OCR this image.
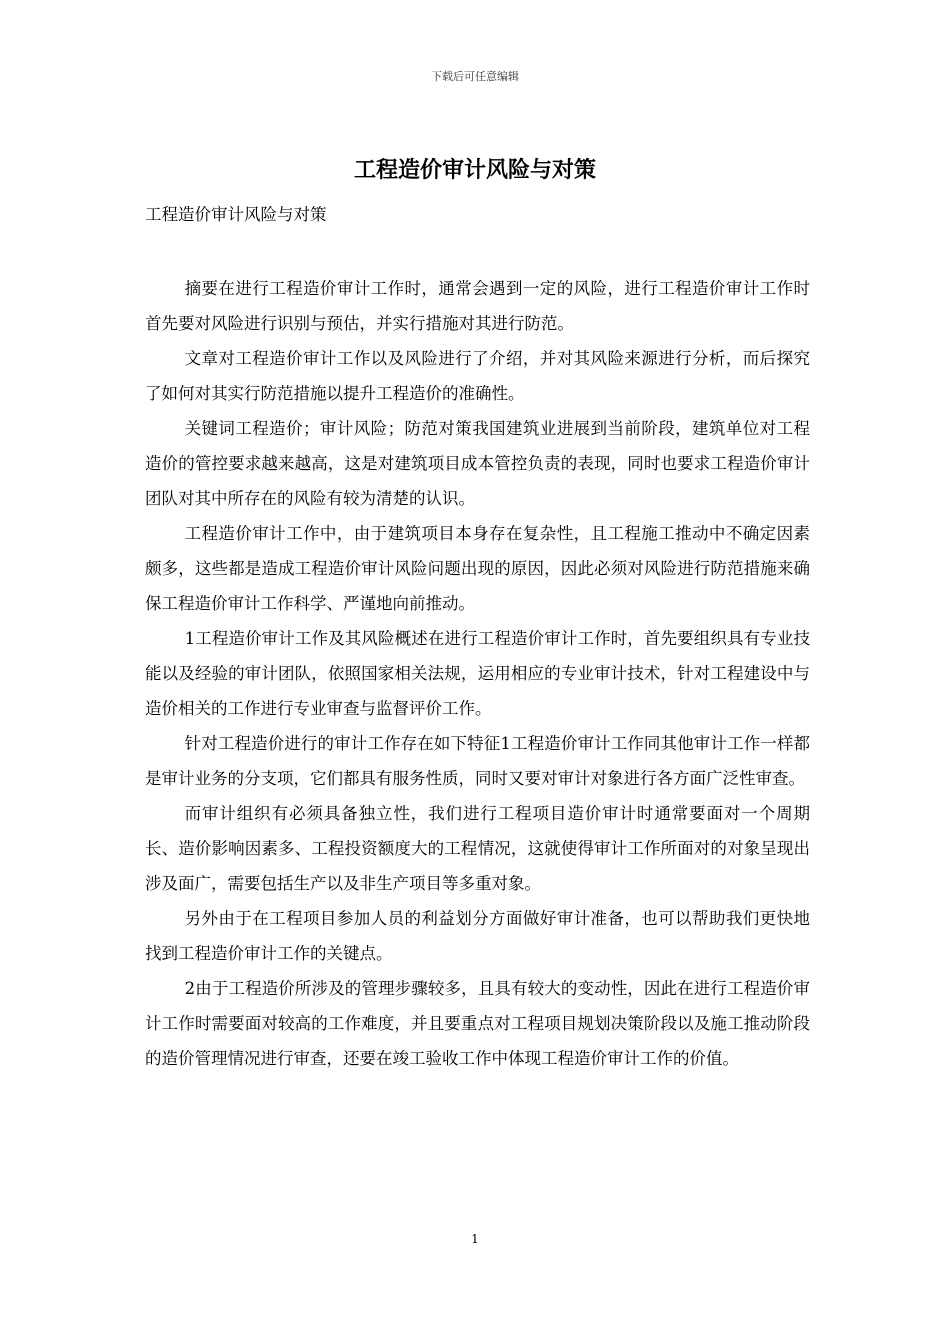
下载后可任意编辑
工程造价审计风险与对策
工程造价审计风险与对策

摘要在进行工程造价审计工作时，通常会遇到一定的风险，进行工程造价审计工作时首先要对风险进行识别与预估，并实行措施对其进行防范。

文章对工程造价审计工作以及风险进行了介绍，并对其风险来源进行分析，而后探究了如何对其实行防范措施以提升工程造价的准确性。

关键词工程造价；审计风险；防范对策我国建筑业进展到当前阶段，建筑单位对工程造价的管控要求越来越高，这是对建筑项目成本管控负责的表现，同时也要求工程造价审计团队对其中所存在的风险有较为清楚的认识。

工程造价审计工作中，由于建筑项目本身存在复杂性，且工程施工推动中不确定因素颇多，这些都是造成工程造价审计风险问题出现的原因，因此必须对风险进行防范措施来确保工程造价审计工作科学、严谨地向前推动。

1工程造价审计工作及其风险概述在进行工程造价审计工作时，首先要组织具有专业技能以及经验的审计团队，依照国家相关法规，运用相应的专业审计技术，针对工程建设中与造价相关的工作进行专业审查与监督评价工作。

针对工程造价进行的审计工作存在如下特征1工程造价审计工作同其他审计工作一样都是审计业务的分支项，它们都具有服务性质，同时又要对审计对象进行各方面广泛性审查。

而审计组织有必须具备独立性，我们进行工程项目造价审计时通常要面对一个周期长、造价影响因素多、工程投资额度大的工程情况，这就使得审计工作所面对的对象呈现出涉及面广，需要包括生产以及非生产项目等多重对象。

另外由于在工程项目参加人员的利益划分方面做好审计准备，也可以帮助我们更快地找到工程造价审计工作的关键点。

2由于工程造价所涉及的管理步骤较多，且具有较大的变动性，因此在进行工程造价审计工作时需要面对较高的工作难度，并且要重点对工程项目规划决策阶段以及施工推动阶段的造价管理情况进行审查，还要在竣工验收工作中体现工程造价审计工作的价值。

1
